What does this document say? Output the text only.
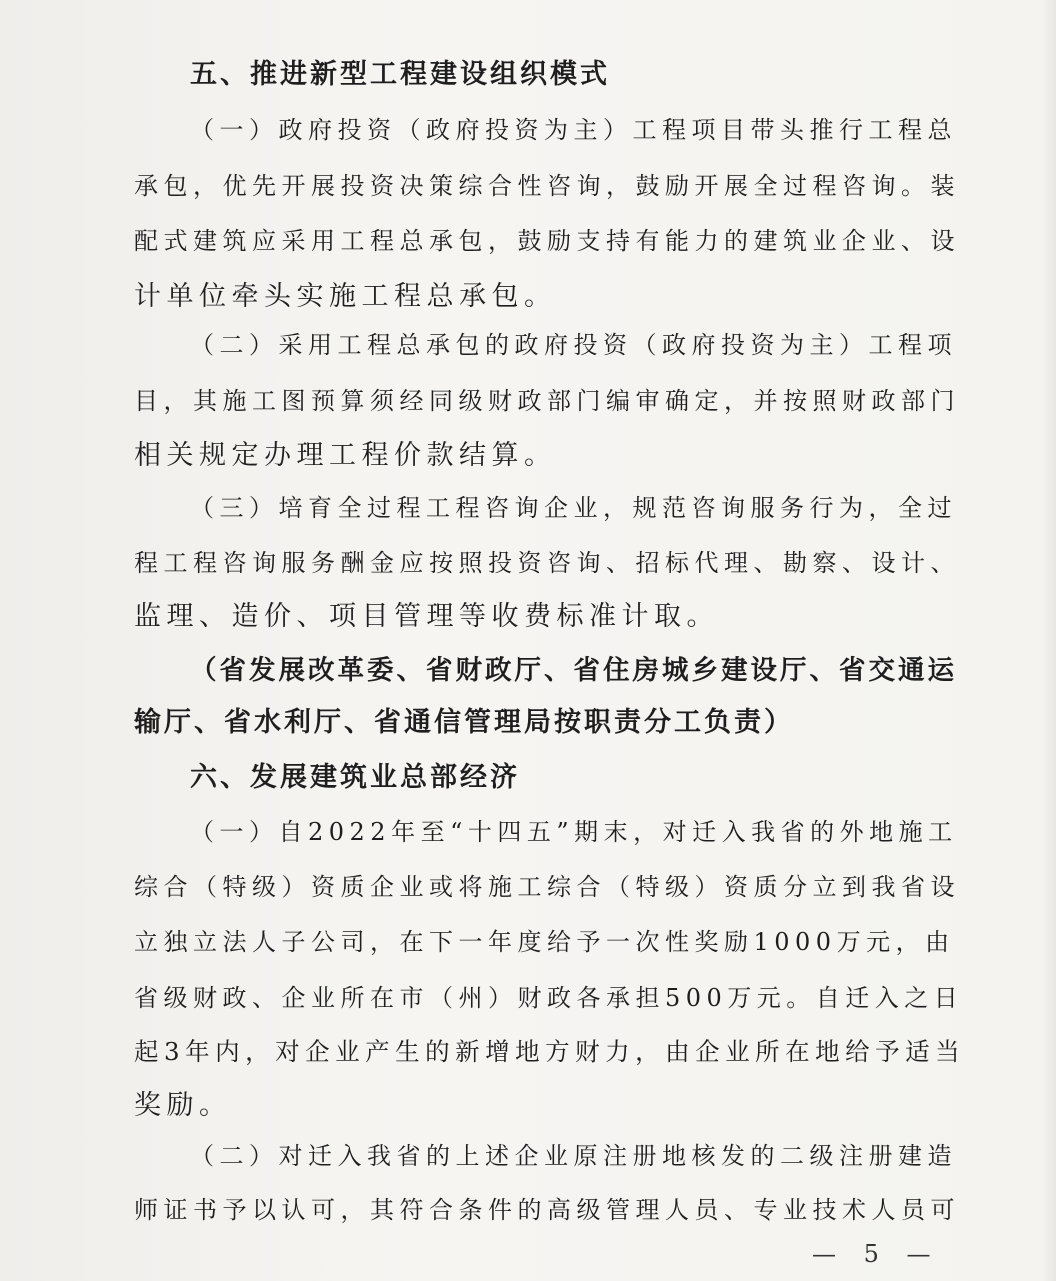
五、推进新型工程建设组织模式
（一）政府投资（政府投资为主）工程项目带头推行工程总
承包，优先开展投资决策综合性咨询，鼓励开展全过程咨询。装
配式建筑应采用工程总承包，鼓励支持有能力的建筑业企业、设
计单位牵头实施工程总承包。
（二）采用工程总承包的政府投资（政府投资为主）工程项
目，其施工图预算须经同级财政部门编审确定，并按照财政部门
相关规定办理工程价款结算。
（三）培育全过程工程咨询企业，规范咨询服务行为，全过
程工程咨询服务酬金应按照投资咨询、招标代理、勘察、设计、
监理、造价、项目管理等收费标准计取。
（省发展改革委、省财政厅、省住房城乡建设厅、省交通运
输厅、省水利厅、省通信管理局按职责分工负责）
六、发展建筑业总部经济
（一）自2022年至“十四五”期末，对迁入我省的外地施工
综合（特级）资质企业或将施工综合（特级）资质分立到我省设
立独立法人子公司，在下一年度给予一次性奖励1000万元，由
省级财政、企业所在市（州）财政各承担500万元。自迁入之日
起3年内，对企业产生的新增地方财力，由企业所在地给予适当
奖励。
（二）对迁入我省的上述企业原注册地核发的二级注册建造
师证书予以认可，其符合条件的高级管理人员、专业技术人员可
— 5 —
